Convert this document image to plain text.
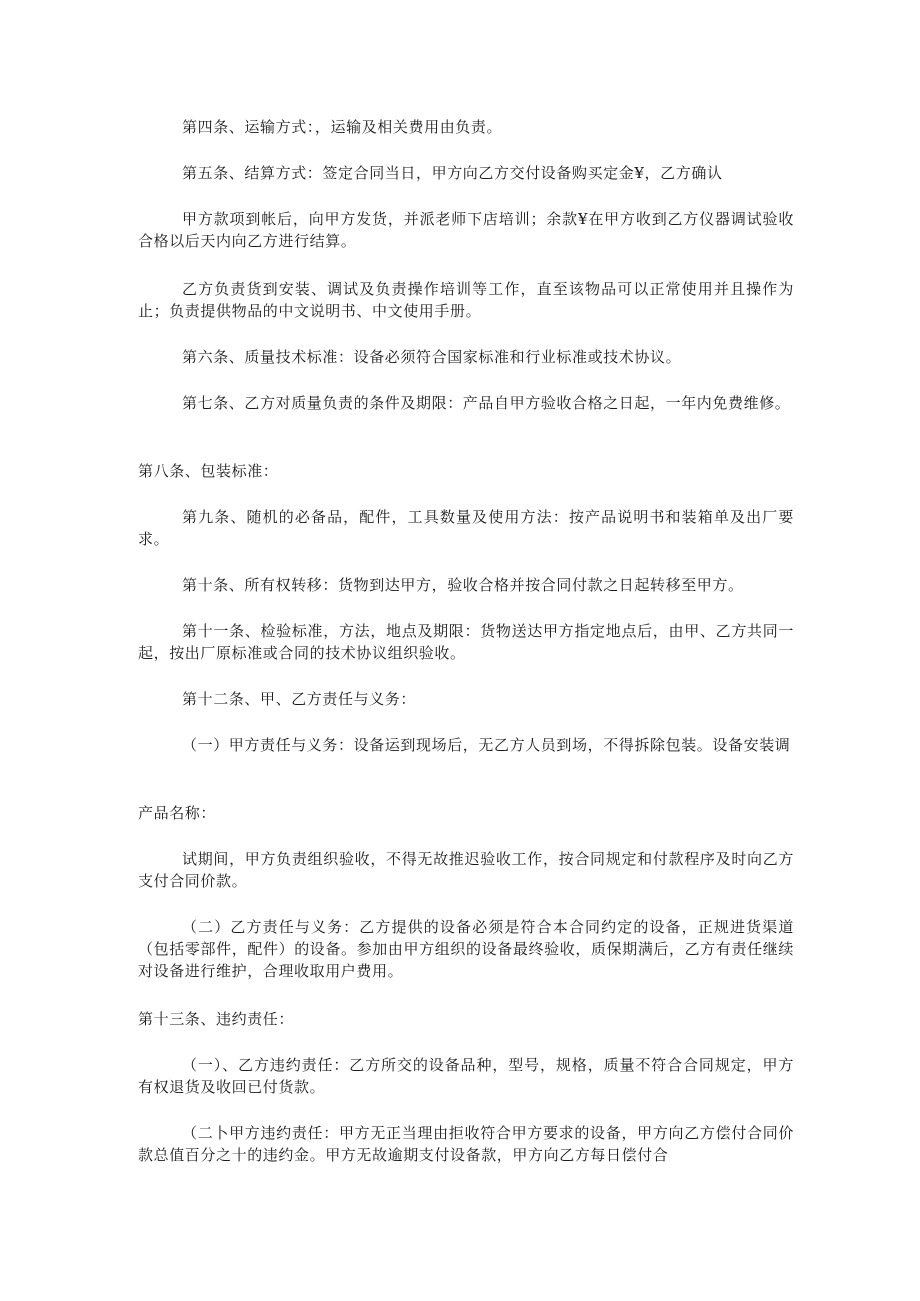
第四条、运输方式：，运输及相关费用由负责。

第五条、结算方式：签定合同当日，甲方向乙方交付设备购买定金¥，乙方确认

甲方款项到帐后，向甲方发货，并派老师下店培训；余款¥在甲方收到乙方仪器调试验收合格以后天内向乙方进行结算。

乙方负责货到安装、调试及负责操作培训等工作，直至该物品可以正常使用并且操作为止；负责提供物品的中文说明书、中文使用手册。

第六条、质量技术标准：设备必须符合国家标准和行业标准或技术协议。

第七条、乙方对质量负责的条件及期限：产品自甲方验收合格之日起，一年内免费维修。

第八条、包装标准：

第九条、随机的必备品，配件，工具数量及使用方法：按产品说明书和装箱单及出厂要求。

第十条、所有权转移：货物到达甲方，验收合格并按合同付款之日起转移至甲方。

第十一条、检验标准，方法，地点及期限：货物送达甲方指定地点后，由甲、乙方共同一起，按出厂原标准或合同的技术协议组织验收。

第十二条、甲、乙方责任与义务：

（一）甲方责任与义务：设备运到现场后，无乙方人员到场，不得拆除包装。设备安装调

产品名称：

试期间，甲方负责组织验收，不得无故推迟验收工作，按合同规定和付款程序及时向乙方支付合同价款。

（二）乙方责任与义务：乙方提供的设备必须是符合本合同约定的设备，正规进货渠道（包括零部件，配件）的设备。参加由甲方组织的设备最终验收，质保期满后，乙方有责任继续对设备进行维护，合理收取用户费用。

第十三条、违约责任：

（一）、乙方违约责任：乙方所交的设备品种，型号，规格，质量不符合合同规定，甲方有权退货及收回已付货款。

（二卜甲方违约责任：甲方无正当理由拒收符合甲方要求的设备，甲方向乙方偿付合同价款总值百分之十的违约金。甲方无故逾期支付设备款，甲方向乙方每日偿付合
